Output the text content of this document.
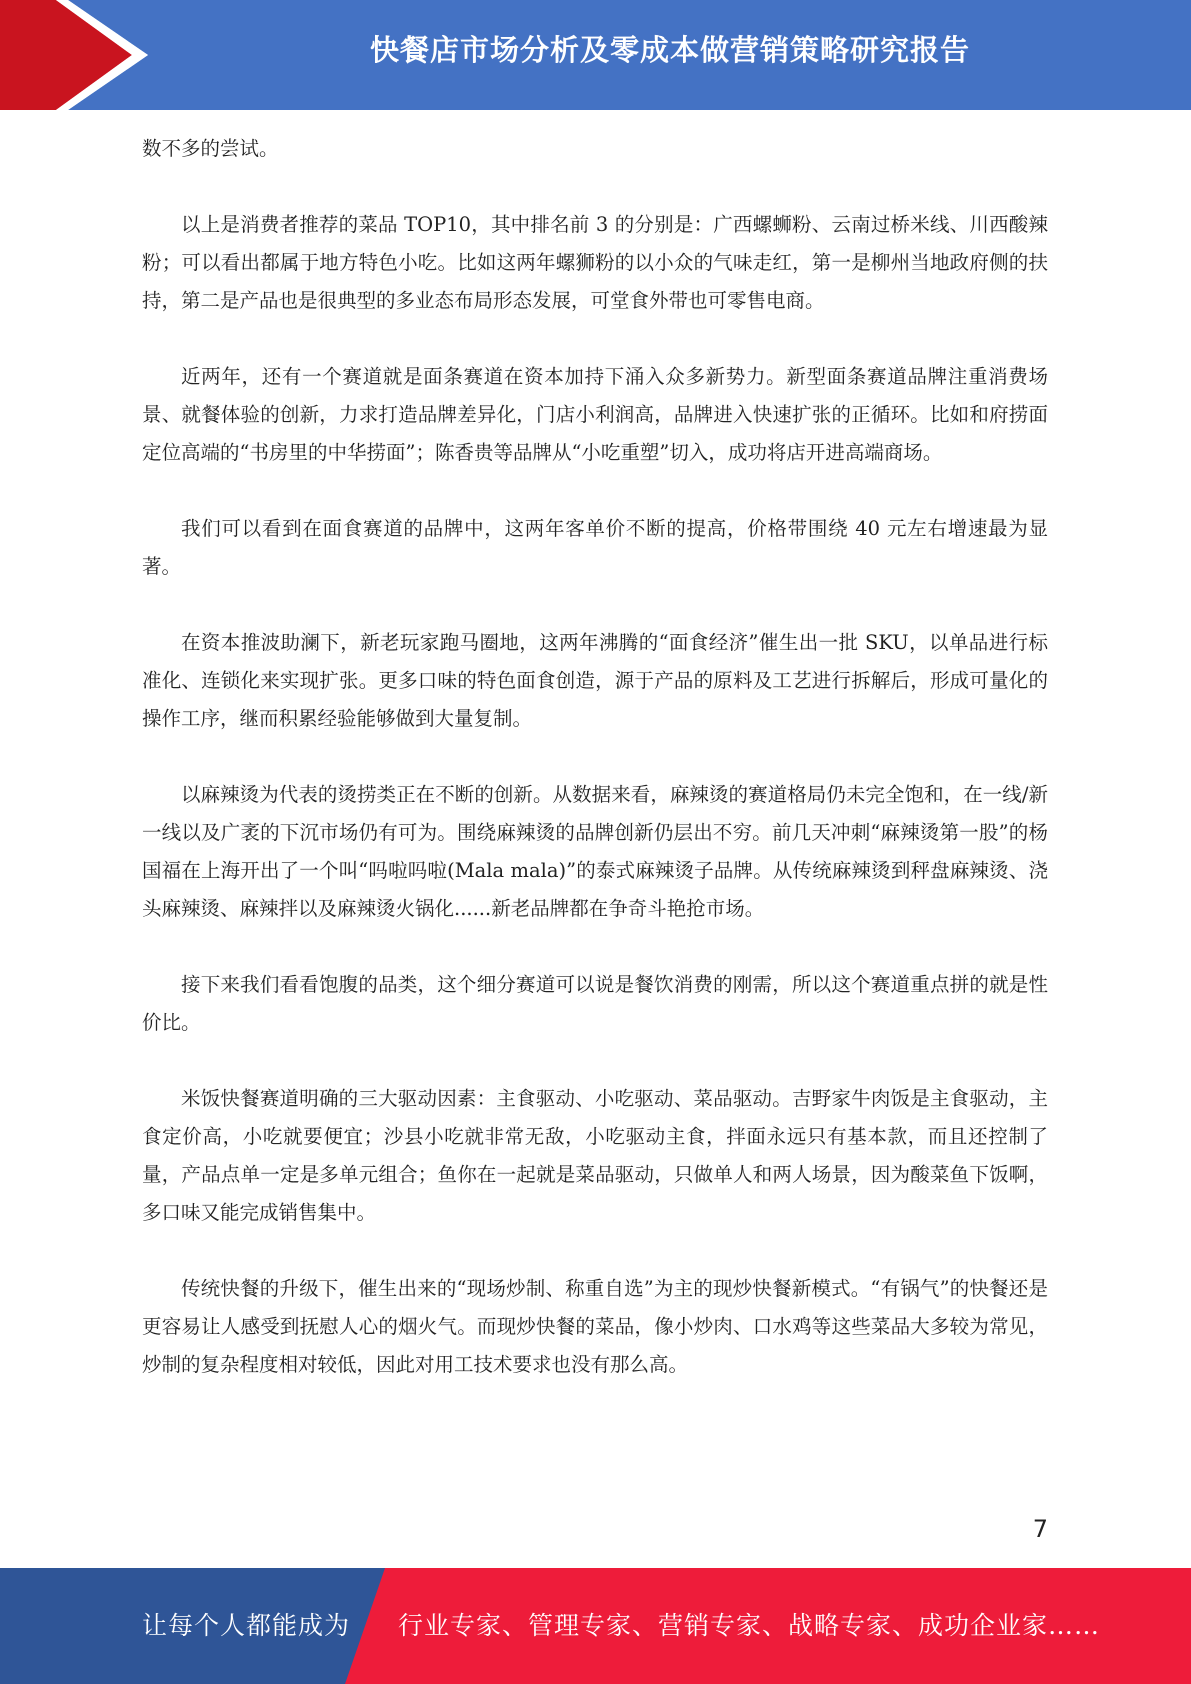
快餐店市场分析及零成本做营销策略研究报告

数不多的尝试。

以上是消费者推荐的菜品 TOP10，其中排名前 3 的分别是：广西螺蛳粉、云南过桥米线、川西酸辣粉；可以看出都属于地方特色小吃。比如这两年螺狮粉的以小众的气味走红，第一是柳州当地政府侧的扶持，第二是产品也是很典型的多业态布局形态发展，可堂食外带也可零售电商。

近两年，还有一个赛道就是面条赛道在资本加持下涌入众多新势力。新型面条赛道品牌注重消费场景、就餐体验的创新，力求打造品牌差异化，门店小利润高，品牌进入快速扩张的正循环。比如和府捞面定位高端的“书房里的中华捞面”；陈香贵等品牌从“小吃重塑”切入，成功将店开进高端商场。

我们可以看到在面食赛道的品牌中，这两年客单价不断的提高，价格带围绕 40 元左右增速最为显著。

在资本推波助澜下，新老玩家跑马圈地，这两年沸腾的“面食经济”催生出一批 SKU，以单品进行标准化、连锁化来实现扩张。更多口味的特色面食创造，源于产品的原料及工艺进行拆解后，形成可量化的操作工序，继而积累经验能够做到大量复制。

以麻辣烫为代表的烫捞类正在不断的创新。从数据来看，麻辣烫的赛道格局仍未完全饱和，在一线/新一线以及广袤的下沉市场仍有可为。围绕麻辣烫的品牌创新仍层出不穷。前几天冲刺“麻辣烫第一股”的杨国福在上海开出了一个叫“吗啦吗啦(Mala mala)”的泰式麻辣烫子品牌。从传统麻辣烫到秤盘麻辣烫、浇头麻辣烫、麻辣拌以及麻辣烫火锅化......新老品牌都在争奇斗艳抢市场。

接下来我们看看饱腹的品类，这个细分赛道可以说是餐饮消费的刚需，所以这个赛道重点拼的就是性价比。

米饭快餐赛道明确的三大驱动因素：主食驱动、小吃驱动、菜品驱动。吉野家牛肉饭是主食驱动，主食定价高，小吃就要便宜；沙县小吃就非常无敌，小吃驱动主食，拌面永远只有基本款，而且还控制了量，产品点单一定是多单元组合；鱼你在一起就是菜品驱动，只做单人和两人场景，因为酸菜鱼下饭啊，多口味又能完成销售集中。

传统快餐的升级下，催生出来的“现场炒制、称重自选”为主的现炒快餐新模式。“有锅气”的快餐还是更容易让人感受到抚慰人心的烟火气。而现炒快餐的菜品，像小炒肉、口水鸡等这些菜品大多较为常见，炒制的复杂程度相对较低，因此对用工技术要求也没有那么高。

7
让每个人都能成为 行业专家、管理专家、营销专家、战略专家、成功企业家……
